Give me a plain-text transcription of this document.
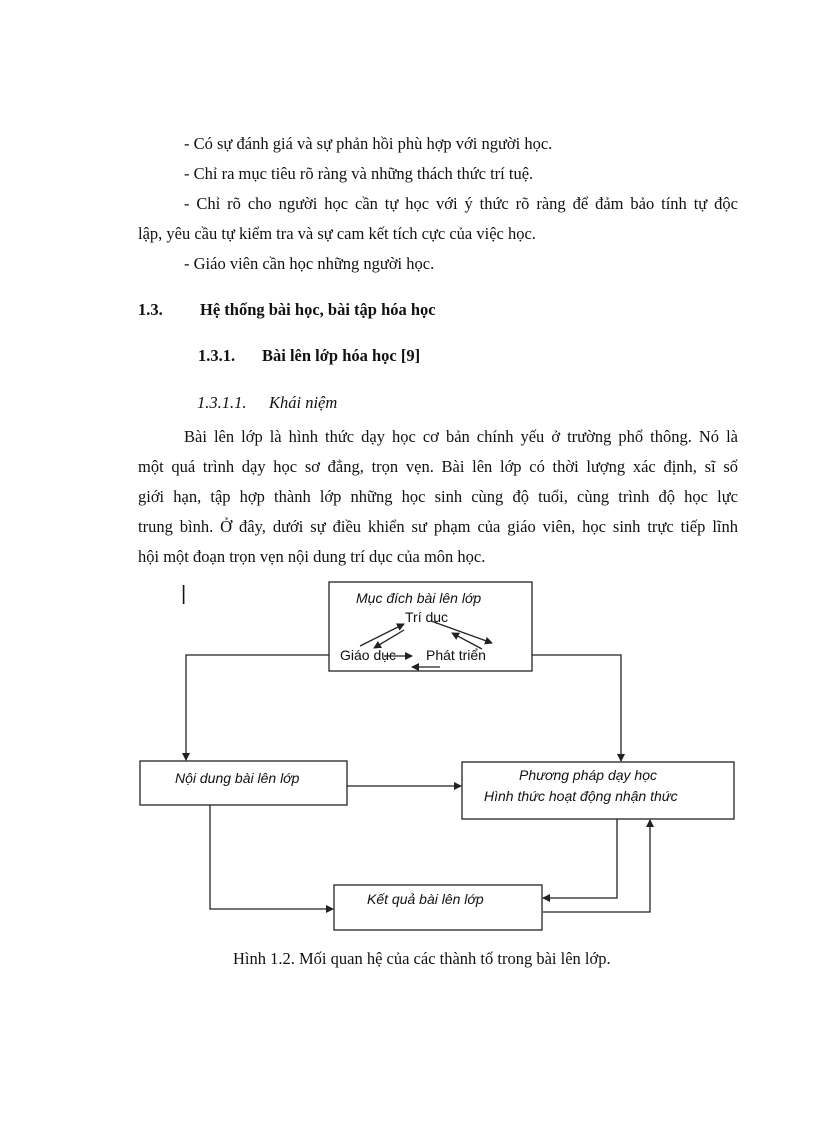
- Có sự đánh giá và sự phản hồi phù hợp với người học.
- Chỉ ra mục tiêu rõ ràng và những thách thức trí tuệ.
- Chỉ rõ cho người học cần tự học với ý thức rõ ràng để đảm bảo tính tự độc
lập, yêu cầu tự kiểm tra và sự cam kết tích cực của việc học.
- Giáo viên cần học những người học.
1.3. Hệ thống bài học, bài tập hóa học
1.3.1. Bài lên lớp hóa học [9]
1.3.1.1. Khái niệm
Bài lên lớp là hình thức dạy học cơ bản chính yếu ở trường phổ thông. Nó là
một quá trình dạy học sơ đẳng, trọn vẹn. Bài lên lớp có thời lượng xác định, sĩ số
giới hạn, tập hợp thành lớp những học sinh cùng độ tuổi, cùng trình độ học lực
trung bình. Ở đây, dưới sự điều khiển sư phạm của giáo viên, học sinh trực tiếp lĩnh
hội một đoạn trọn vẹn nội dung trí dục của môn học.
|	Mục đích bài lên lớp
Trí dục
Giáo dục Phát triển
Nội dung bài lên lớp	Phương pháp dạy học
Hình thức hoạt động nhận thức
Kết quả bài lên lớp
Hình 1.2. Mối quan hệ của các thành tố trong bài lên lớp.
